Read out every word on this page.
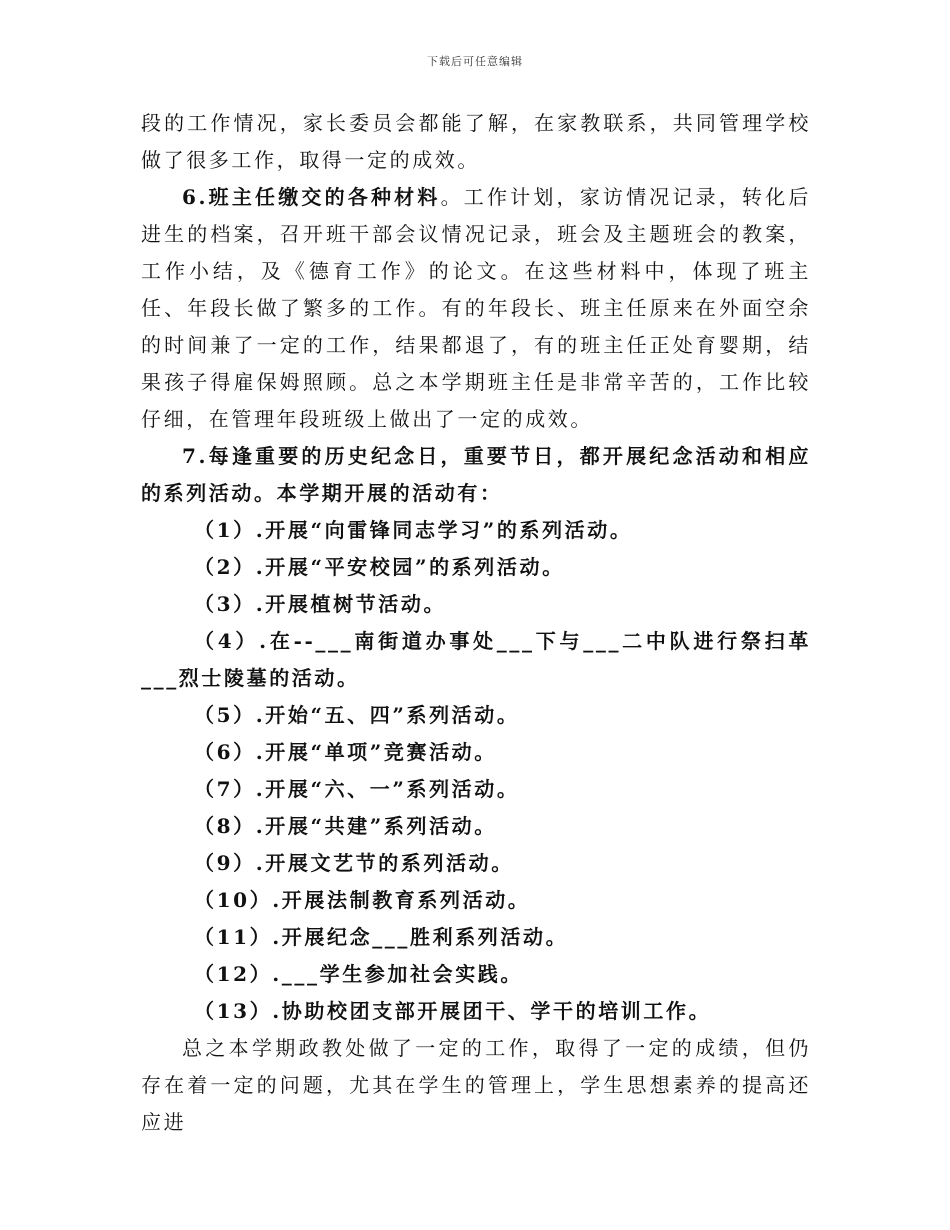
下载后可任意编辑

段的工作情况，家长委员会都能了解，在家教联系，共同管理学校做了很多工作，取得一定的成效。

6.班主任缴交的各种材料。工作计划，家访情况记录，转化后进生的档案，召开班干部会议情况记录，班会及主题班会的教案，工作小结，及《德育工作》的论文。在这些材料中，体现了班主任、年段长做了繁多的工作。有的年段长、班主任原来在外面空余的时间兼了一定的工作，结果都退了，有的班主任正处育婴期，结果孩子得雇保姆照顾。总之本学期班主任是非常辛苦的，工作比较仔细，在管理年段班级上做出了一定的成效。

7.每逢重要的历史纪念日，重要节日，都开展纪念活动和相应的系列活动。本学期开展的活动有：

（1）.开展“向雷锋同志学习”的系列活动。

（2）.开展“平安校园”的系列活动。

（3）.开展植树节活动。

（4）.在--___南街道办事处___下与___二中队进行祭扫革___烈士陵墓的活动。

（5）.开始“五、四”系列活动。

（6）.开展“单项”竞赛活动。

（7）.开展“六、一”系列活动。

（8）.开展“共建”系列活动。

（9）.开展文艺节的系列活动。

（10）.开展法制教育系列活动。

（11）.开展纪念___胜利系列活动。

（12）.___学生参加社会实践。

（13）.协助校团支部开展团干、学干的培训工作。

总之本学期政教处做了一定的工作，取得了一定的成绩，但仍存在着一定的问题，尤其在学生的管理上，学生思想素养的提高还应进
